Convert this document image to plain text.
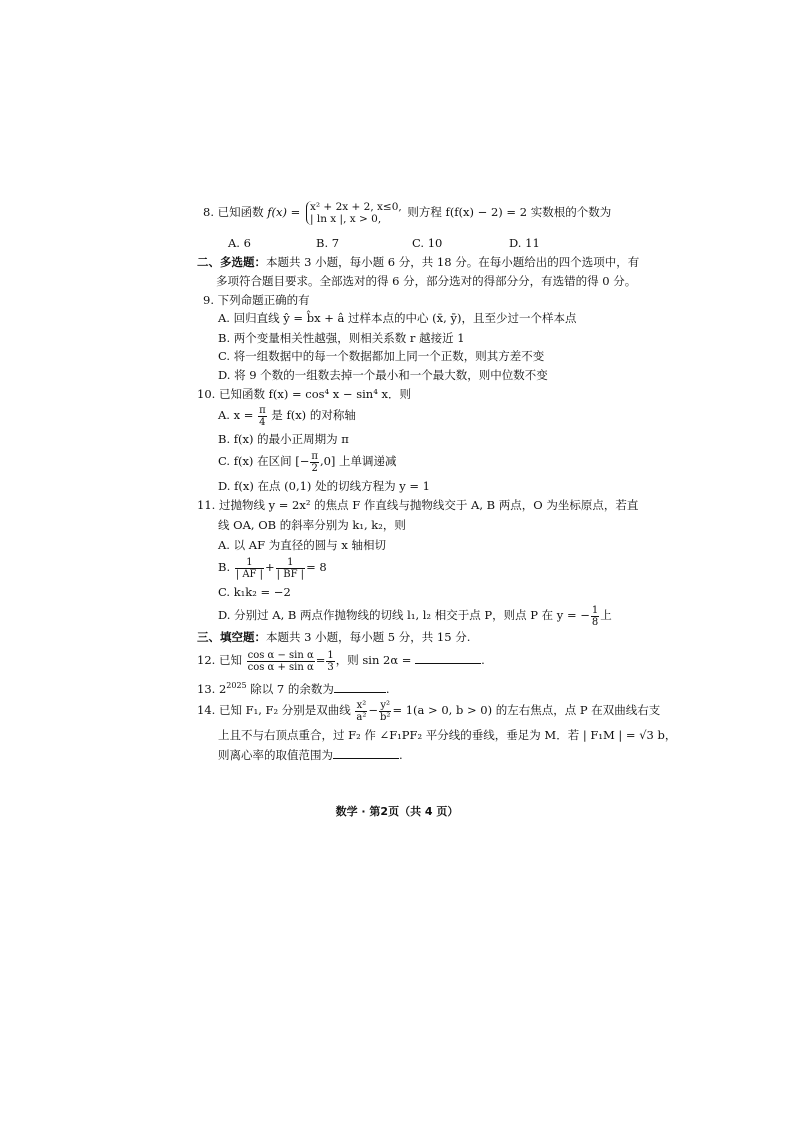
8. 已知函数 f(x) = x² + 2x + 2, x≤0,
| ln x |, x > 0,	则方程 f(f(x) − 2) = 2 实数根的个数为
A. 6	B. 7	C. 10	D. 11
二、多选题：本题共 3 小题，每小题 6 分，共 18 分。在每小题给出的四个选项中，有
多项符合题目要求。全部选对的得 6 分，部分选对的得部分分，有选错的得 0 分。
9. 下列命题正确的有
A. 回归直线 ŷ = b̂x + â 过样本点的中心 (x̄, ȳ)，且至少过一个样本点
B. 两个变量相关性越强，则相关系数 r 越接近 1
C. 将一组数据中的每一个数据都加上同一个正数，则其方差不变
D. 将 9 个数的一组数去掉一个最小和一个最大数，则中位数不变
10. 已知函数 f(x) = cos⁴ x − sin⁴ x．则
A. $x = \frac{\pi}{4}$ 是 f(x) 的对称轴
B. f(x) 的最小正周期为 π
C. f(x) 在区间 [− $\frac{\pi}{2} ,0$] 上单调递减
D. f(x) 在点 (0,1) 处的切线方程为 y = 1
11. 过抛物线 y = 2x² 的焦点 F 作直线与抛物线交于 A, B 两点，O 为坐标原点，若直
线 OA, OB 的斜率分别为 k₁, k₂，则
A. 以 AF 为直径的圆与 x 轴相切
B. $\frac{1}{| AF |} + \frac{1}{| BF |} = 8$
C. k₁k₂ = −2
D. 分别过 A, B 两点作抛物线的切线 l₁, l₂ 相交于点 P，则点 P 在 y = − $\frac{1}{8}$ 上
三、填空题：本题共 3 小题，每小题 5 分，共 15 分.
12. 已知 $\frac{\text{cos α − sin α}}{\text{cos α + sin α}} = \frac{1}{3}$ ，则 sin 2α =	.
13. $2^{2025}$ 除以 7 的余数为	.
14. 已知 F₁, F₂ 分别是双曲线 $\frac{\text{x²}}{\text{a²}} - \frac{\text{y²}}{\text{b²}} = 1(a > 0$, b > 0) 的左右焦点，点 P 在双曲线右支
上且不与右顶点重合，过 F₂ 作 ∠F₁PF₂ 平分线的垂线，垂足为 M．若 | F₁M | = √3 b，
则离心率的取值范围为	.
数学 · 第2页（共 4 页）
